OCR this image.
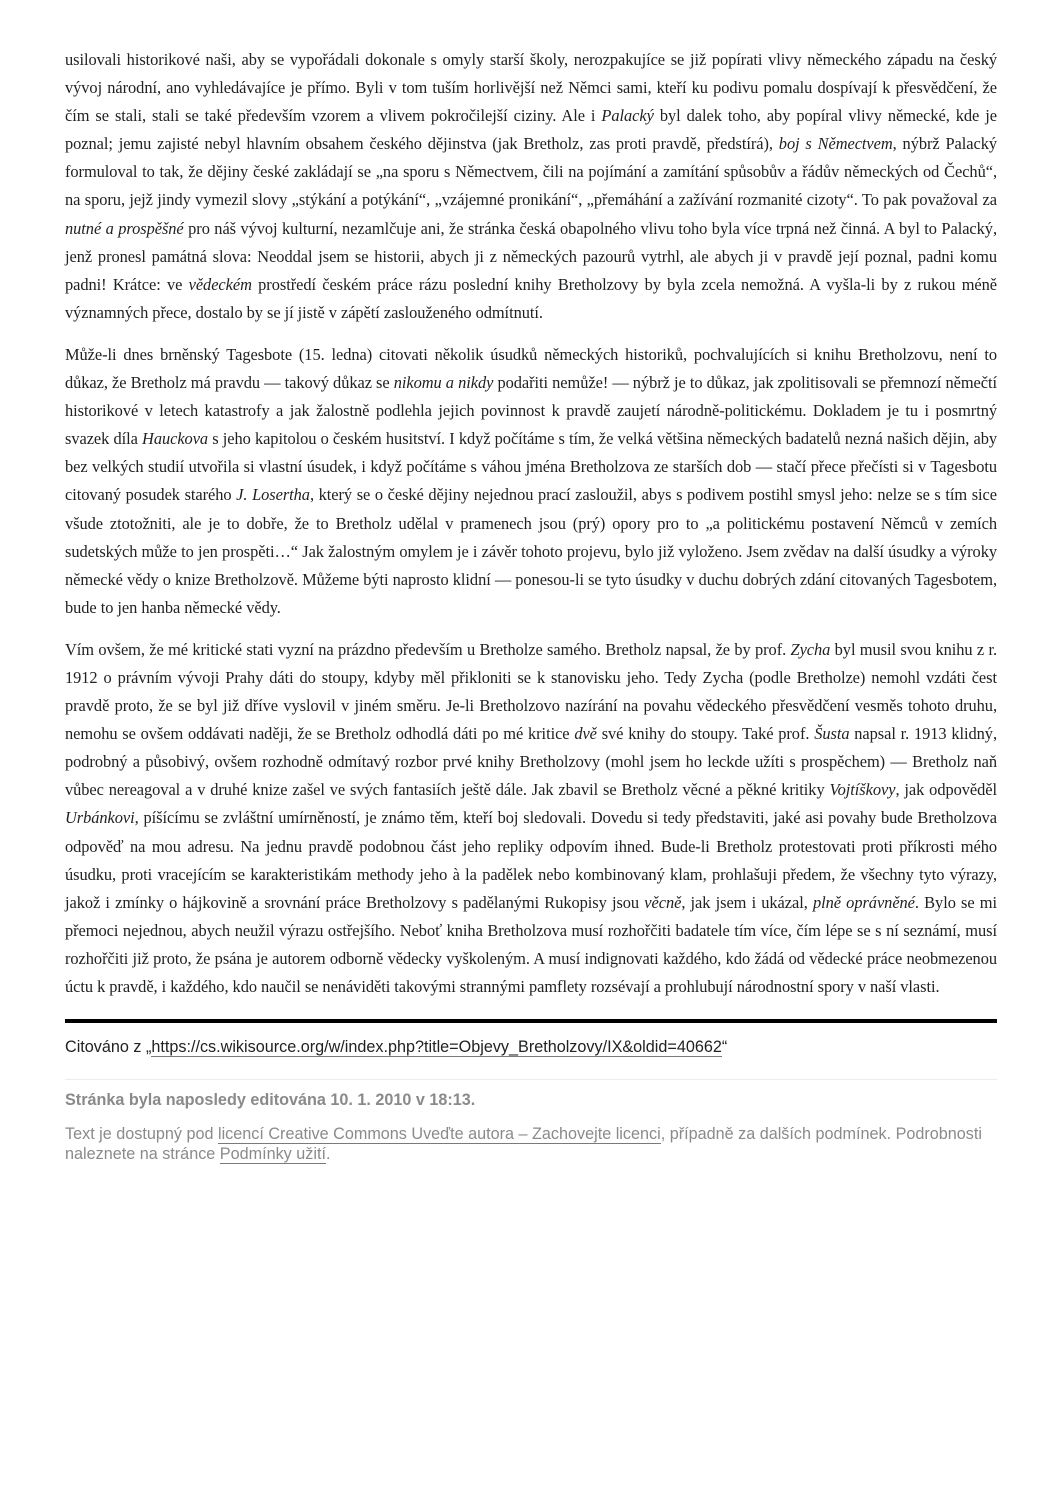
usilovali historikové naši, aby se vypořádali dokonale s omyly starší školy, nerozpakujíce se již popírati vlivy německého západu na český vývoj národní, ano vyhledávajíce je přímo. Byli v tom tuším horlivější než Němci sami, kteří ku podivu pomalu dospívají k přesvědčení, že čím se stali, stali se také především vzorem a vlivem pokročilejší ciziny. Ale i Palacký byl dalek toho, aby popíral vlivy německé, kde je poznal; jemu zajisté nebyl hlavním obsahem českého dějinstva (jak Bretholz, zas proti pravdě, předstírá), boj s Němectvem, nýbrž Palacký formuloval to tak, že dějiny české zakládají se „na sporu s Němectvem, čili na pojímání a zamítání spůsobův a řádův německých od Čechů“, na sporu, jejž jindy vymezil slovy „stýkání a potýkání“, „vzájemné pronikání“, „přemáhání a zažívání rozmanité cizoty“. To pak považoval za nutné a prospěšné pro náš vývoj kulturní, nezamlčuje ani, že stránka česká obapolného vlivu toho byla více trpná než činná. A byl to Palacký, jenž pronesl památná slova: Neoddal jsem se historii, abych ji z německých pazourů vytrhl, ale abych ji v pravdě její poznal, padni komu padni! Krátce: ve vědeckém prostředí českém práce rázu poslední knihy Bretholzovy by byla zcela nemožná. A vyšla-li by z rukou méně významných přece, dostalo by se jí jistě v zápětí zaslouženého odmítnutí.

Může-li dnes brněnský Tagesbote (15. ledna) citovati několik úsudků německých historiků, pochvalujících si knihu Bretholzovu, není to důkaz, že Bretholz má pravdu — takový důkaz se nikomu a nikdy podařiti nemůže! — nýbrž je to důkaz, jak zpolitisovali se přemnozí němečtí historikové v letech katastrofy a jak žalostně podlehla jejich povinnost k pravdě zaujetí národně-politickému. Dokladem je tu i posmrtný svazek díla Hauckova s jeho kapitolou o českém husitství. I když počítáme s tím, že velká většina německých badatelů nezná našich dějin, aby bez velkých studií utvořila si vlastní úsudek, i když počítáme s váhou jména Bretholzova ze starších dob — stačí přece přečísti si v Tagesbotu citovaný posudek starého J. Losertha, který se o české dějiny nejednou prací zasloužil, abys s podivem postihl smysl jeho: nelze se s tím sice všude ztotožniti, ale je to dobře, že to Bretholz udělal v pramenech jsou (prý) opory pro to „a politickému postavení Němců v zemích sudetských může to jen prospěti…“ Jak žalostným omylem je i závěr tohoto projevu, bylo již vyloženo. Jsem zvědav na další úsudky a výroky německé vědy o knize Bretholzově. Můžeme býti naprosto klidní — ponesou-li se tyto úsudky v duchu dobrých zdání citovaných Tagesbotem, bude to jen hanba německé vědy.

Vím ovšem, že mé kritické stati vyzní na prázdno především u Bretholze samého. Bretholz napsal, že by prof. Zycha byl musil svou knihu z r. 1912 o právním vývoji Prahy dáti do stoupy, kdyby měl přikloniti se k stanovisku jeho. Tedy Zycha (podle Bretholze) nemohl vzdáti čest pravdě proto, že se byl již dříve vyslovil v jiném směru. Je-li Bretholzovo nazírání na povahu vědeckého přesvědčení vesměs tohoto druhu, nemohu se ovšem oddávati naději, že se Bretholz odhodlá dáti po mé kritice dvě své knihy do stoupy. Také prof. Šusta napsal r. 1913 klidný, podrobný a působivý, ovšem rozhodně odmítavý rozbor prvé knihy Bretholzovy (mohl jsem ho leckde užíti s prospěchem) — Bretholz naň vůbec nereagoval a v druhé knize zašel ve svých fantasiích ještě dále. Jak zbavil se Bretholz věcné a pěkné kritiky Vojtíškovy, jak odpověděl Urbánkovi, píšícímu se zvláštní umírněností, je známo těm, kteří boj sledovali. Dovedu si tedy představiti, jaké asi povahy bude Bretholzova odpověď na mou adresu. Na jednu pravdě podobnou část jeho repliky odpovím ihned. Bude-li Bretholz protestovati proti příkrosti mého úsudku, proti vracejícím se karakteristikám methody jeho à la padělek nebo kombinovaný klam, prohlašuji předem, že všechny tyto výrazy, jakož i zmínky o hájkovině a srovnání práce Bretholzovy s padělanými Rukopisy jsou věcně, jak jsem i ukázal, plně oprávněné. Bylo se mi přemoci nejednou, abych neužil výrazu ostřejšího. Neboť kniha Bretholzova musí rozhořčiti badatele tím více, čím lépe se s ní seznámí, musí rozhořčiti již proto, že psána je autorem odborně vědecky vyškoleným. A musí indignovati každého, kdo žádá od vědecké práce neobmezenou úctu k pravdě, i každého, kdo naučil se nenáviděti takovými strannými pamflety rozsévají a prohlubují národnostní spory v naší vlasti.

Citováno z „https://cs.wikisource.org/w/index.php?title=Objevy_Bretholzovy/IX&oldid=40662“
Stránka byla naposledy editována 10. 1. 2010 v 18:13.
Text je dostupný pod licencí Creative Commons Uveďte autora – Zachovejte licenci, případně za dalších podmínek. Podrobnosti naleznete na stránce Podmínky užití.
